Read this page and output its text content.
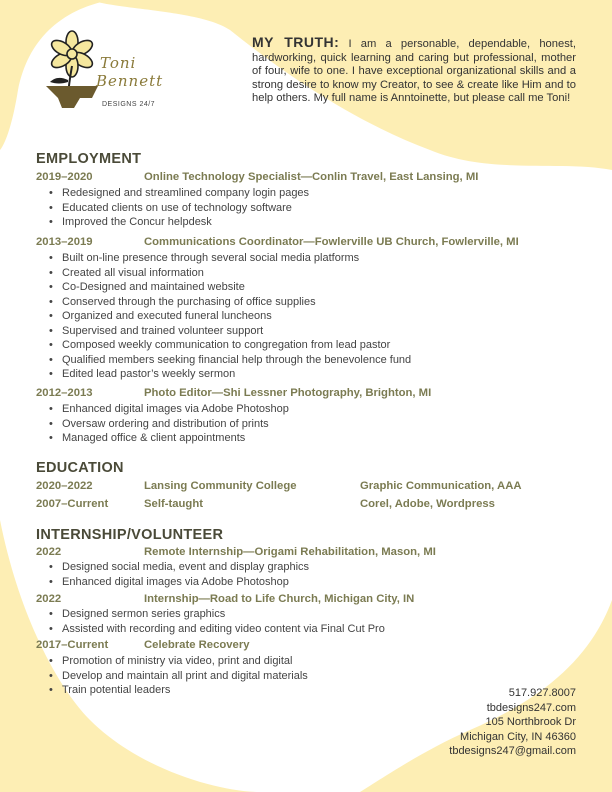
Toni
Bennett
DESIGNS 24/7
MY TRUTH: I am a personable, dependable, honest, hardworking, quick learning and caring but professional, mother of four, wife to one. I have exceptional organizational skills and a strong desire to know my Creator, to see & create like Him and to help others. My full name is Anntoinette, but please call me Toni!
EMPLOYMENT
2019–2020	Online Technology Specialist—Conlin Travel, East Lansing, MI
• Redesigned and streamlined company login pages
• Educated clients on use of technology software
• Improved the Concur helpdesk
2013–2019	Communications Coordinator—Fowlerville UB Church, Fowlerville, MI
• Built on-line presence through several social media platforms
• Created all visual information
• Co-Designed and maintained website
• Conserved through the purchasing of office supplies
• Organized and executed funeral luncheons
• Supervised and trained volunteer support
• Composed weekly communication to congregation from lead pastor
• Qualified members seeking financial help through the benevolence fund
• Edited lead pastor’s weekly sermon
2012–2013	Photo Editor—Shi Lessner Photography, Brighton, MI
• Enhanced digital images via Adobe Photoshop
• Oversaw ordering and distribution of prints
• Managed office & client appointments
EDUCATION
2020–2022	Lansing Community College	Graphic Communication, AAA
2007–Current	Self-taught	Corel, Adobe, Wordpress
INTERNSHIP/VOLUNTEER
2022	Remote Internship—Origami Rehabilitation, Mason, MI
• Designed social media, event and display graphics
• Enhanced digital images via Adobe Photoshop
2022	Internship—Road to Life Church, Michigan City, IN
• Designed sermon series graphics
• Assisted with recording and editing video content via Final Cut Pro
2017–Current	Celebrate Recovery
• Promotion of ministry via video, print and digital
• Develop and maintain all print and digital materials
• Train potential leaders	517.927.8007
tbdesigns247.com
105 Northbrook Dr
Michigan City, IN 46360
tbdesigns247@gmail.com
